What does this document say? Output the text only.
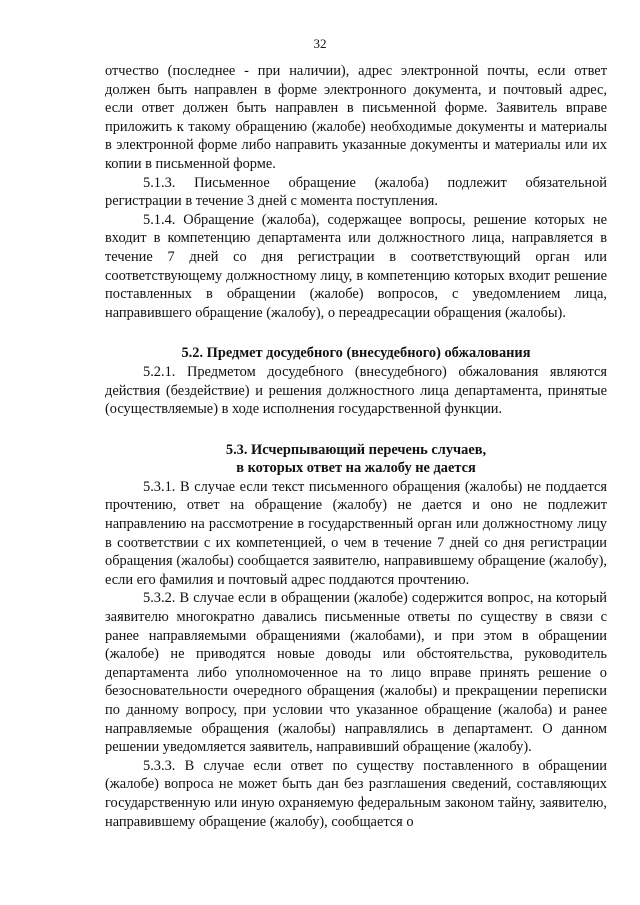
32

отчество (последнее - при наличии), адрес электронной почты, если ответ должен быть направлен в форме электронного документа, и почтовый адрес, если ответ должен быть направлен в письменной форме. Заявитель вправе приложить к такому обращению (жалобе) необходимые документы и материалы в электронной форме либо направить указанные документы и материалы или их копии в письменной форме.

5.1.3. Письменное обращение (жалоба) подлежит обязательной регистрации в течение 3 дней с момента поступления.

5.1.4. Обращение (жалоба), содержащее вопросы, решение которых не входит в компетенцию департамента или должностного лица, направляется в течение 7 дней со дня регистрации в соответствующий орган или соответствующему должностному лицу, в компетенцию которых входит решение поставленных в обращении (жалобе) вопросов, с уведомлением лица, направившего обращение (жалобу), о переадресации обращения (жалобы).

5.2. Предмет досудебного (внесудебного) обжалования

5.2.1. Предметом досудебного (внесудебного) обжалования являются действия (бездействие) и решения должностного лица департамента, принятые (осуществляемые) в ходе исполнения государственной функции.

5.3. Исчерпывающий перечень случаев,

в которых ответ на жалобу не дается

5.3.1. В случае если текст письменного обращения (жалобы) не поддается прочтению, ответ на обращение (жалобу) не дается и оно не подлежит направлению на рассмотрение в государственный орган или должностному лицу в соответствии с их компетенцией, о чем в течение 7 дней со дня регистрации обращения (жалобы) сообщается заявителю, направившему обращение (жалобу), если его фамилия и почтовый адрес поддаются прочтению.

5.3.2. В случае если в обращении (жалобе) содержится вопрос, на который заявителю многократно давались письменные ответы по существу в связи с ранее направляемыми обращениями (жалобами), и при этом в обращении (жалобе) не приводятся новые доводы или обстоятельства, руководитель департамента либо уполномоченное на то лицо вправе принять решение о безосновательности очередного обращения (жалобы) и прекращении переписки по данному вопросу, при условии что указанное обращение (жалоба) и ранее направляемые обращения (жалобы) направлялись в департамент. О данном решении уведомляется заявитель, направивший обращение (жалобу).

5.3.3. В случае если ответ по существу поставленного в обращении (жалобе) вопроса не может быть дан без разглашения сведений, составляющих государственную или иную охраняемую федеральным законом тайну, заявителю, направившему обращение (жалобу), сообщается о
